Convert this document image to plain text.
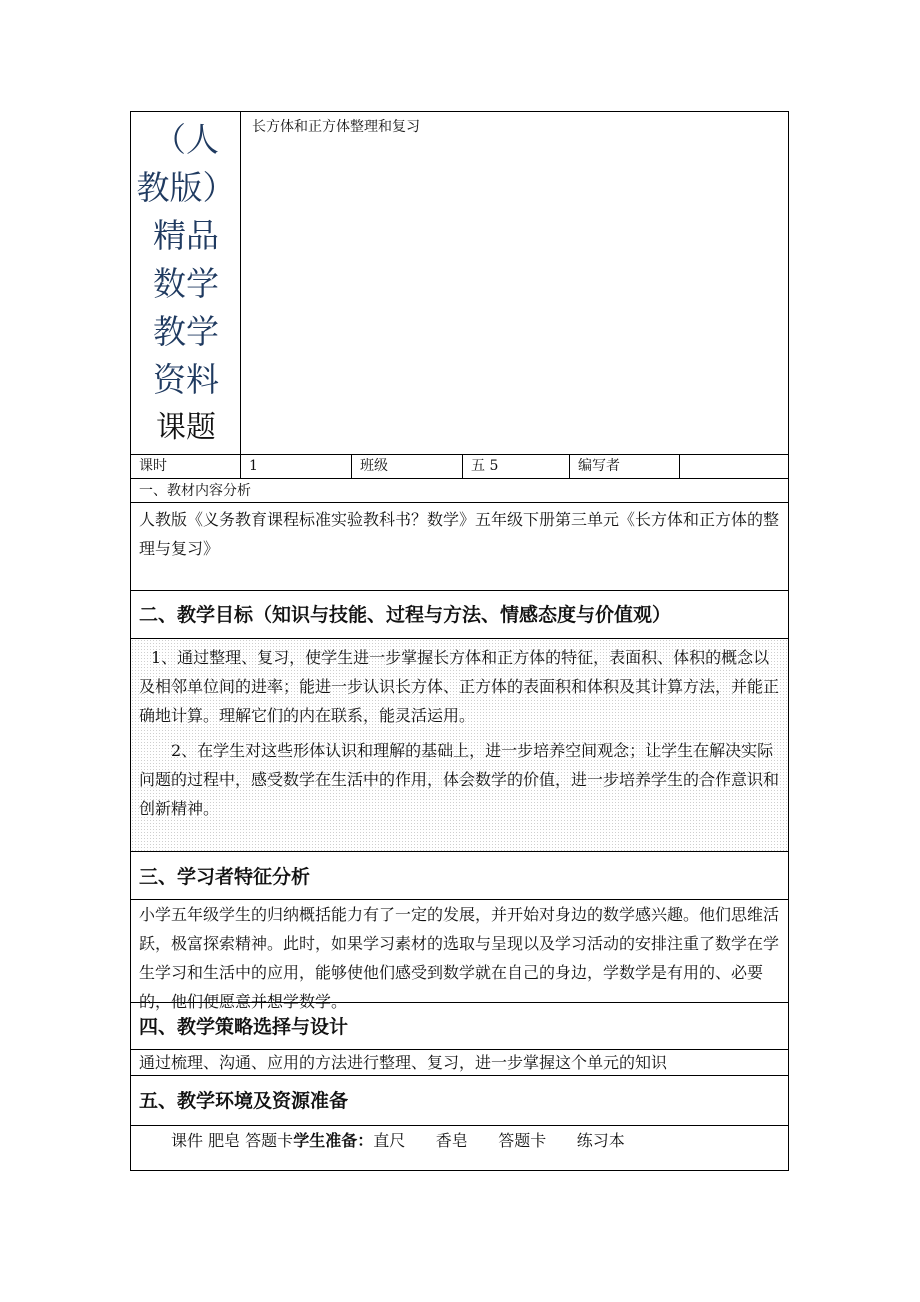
（人
教版）
精品
数学
教学
资料
课题
长方体和正方体整理和复习
课时	1	班级	五 5	编写者
一、教材内容分析

人教版《义务教育课程标准实验教科书？数学》五年级下册第三单元《长方体和正方体的整理与复习》

二、教学目标（知识与技能、过程与方法、情感态度与价值观）

1、通过整理、复习，使学生进一步掌握长方体和正方体的特征，表面积、体积的概念以及相邻单位间的进率；能进一步认识长方体、正方体的表面积和体积及其计算方法，并能正确地计算。理解它们的内在联系，能灵活运用。

2、在学生对这些形体认识和理解的基础上，进一步培养空间观念；让学生在解决实际问题的过程中，感受数学在生活中的作用，体会数学的价值，进一步培养学生的合作意识和创新精神。

三、学习者特征分析

小学五年级学生的归纳概括能力有了一定的发展，并开始对身边的数学感兴趣。他们思维活跃，极富探索精神。此时，如果学习素材的选取与呈现以及学习活动的安排注重了数学在学生学习和生活中的应用，能够使他们感受到数学就在自己的身边，学数学是有用的、必要的，他们便愿意并想学数学。

四、教学策略选择与设计
通过梳理、沟通、应用的方法进行整理、复习，进一步掌握这个单元的知识
五、教学环境及资源准备
课件 肥皂 答题卡学生准备：直尺      香皂      答题卡      练习本
